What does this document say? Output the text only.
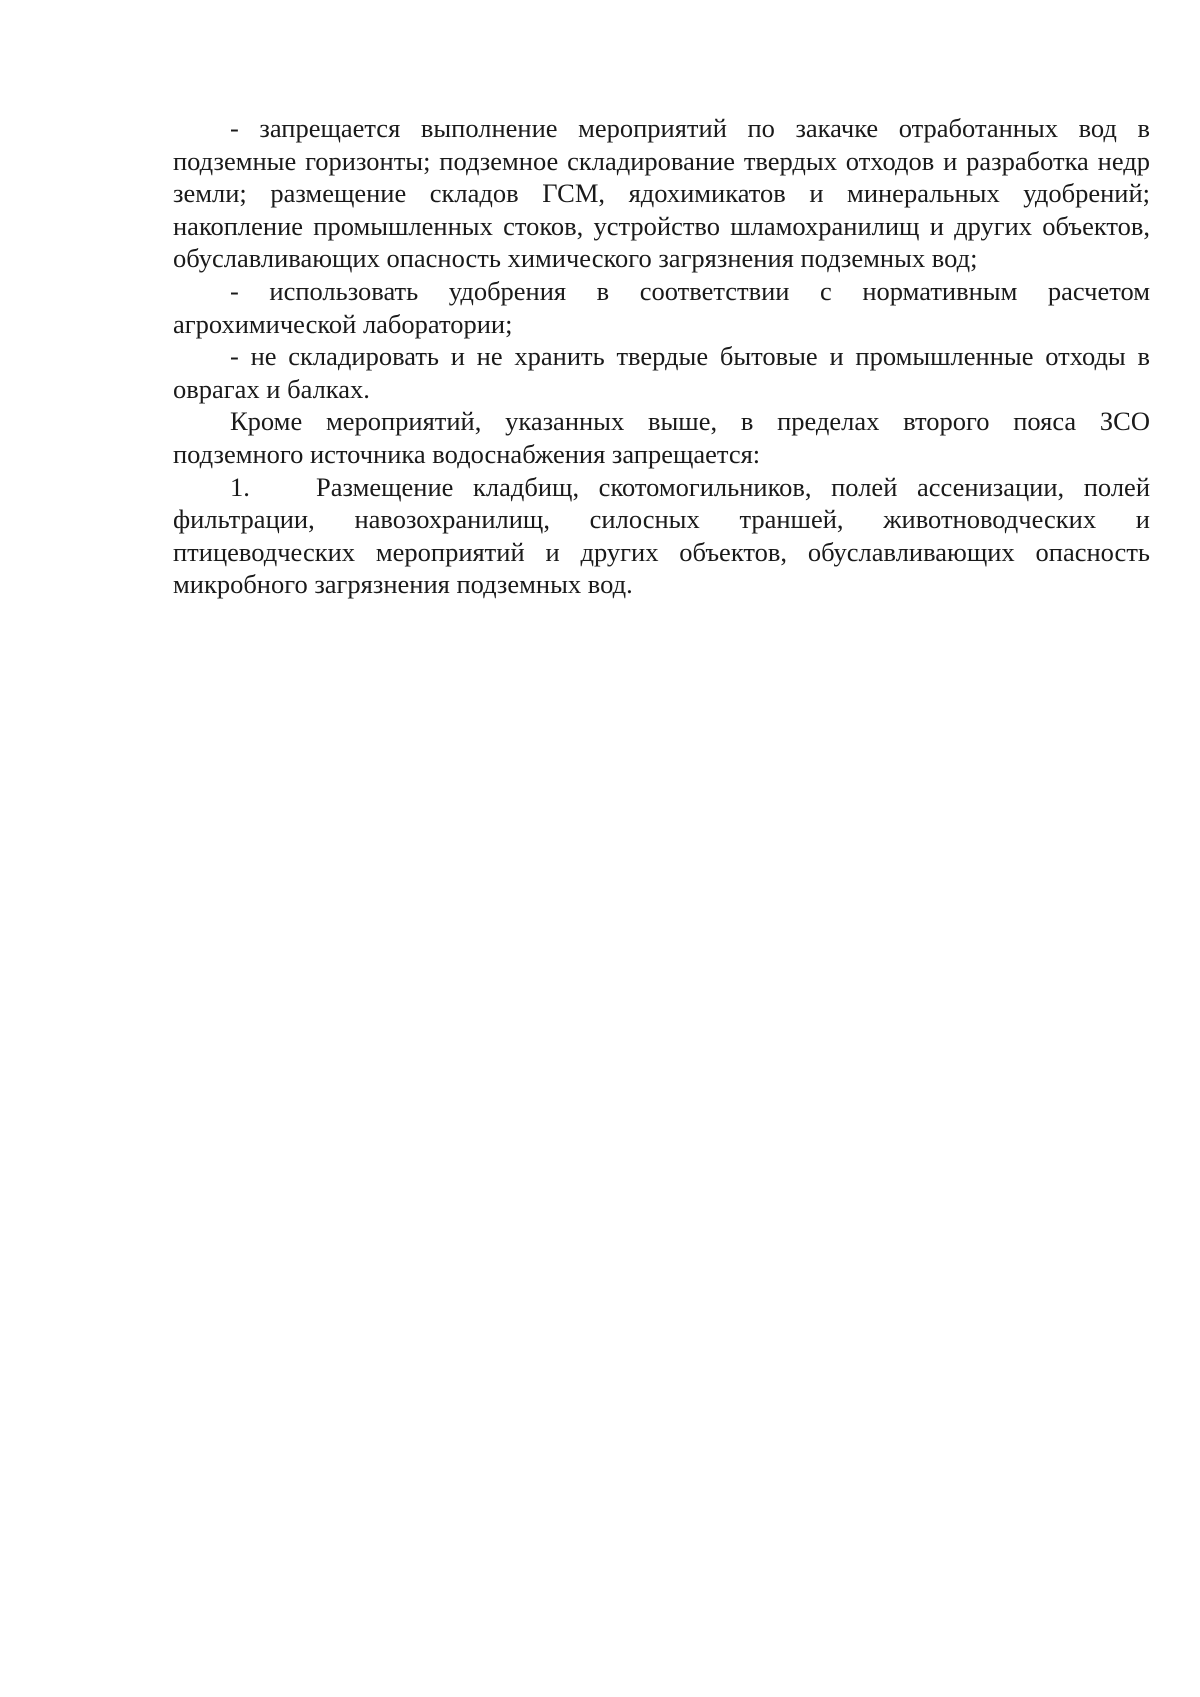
- запрещается выполнение мероприятий по закачке отработанных вод в подземные горизонты; подземное складирование твердых отходов и разработка недр земли; размещение складов ГСМ, ядохимикатов и минеральных удобрений; накопление промышленных стоков, устройство шламохранилищ и других объектов, обуславливающих опасность химического загрязнения подземных вод;

- использовать удобрения в соответствии с нормативным расчетом агрохимической лаборатории;

- не складировать и не хранить твердые бытовые и промышленные отходы в оврагах и балках.

Кроме мероприятий, указанных выше, в пределах второго пояса ЗСО подземного источника водоснабжения запрещается:

1. Размещение кладбищ, скотомогильников, полей ассенизации, полей фильтрации, навозохранилищ, силосных траншей, животноводческих и птицеводческих мероприятий и других объектов, обуславливающих опасность микробного загрязнения подземных вод.
